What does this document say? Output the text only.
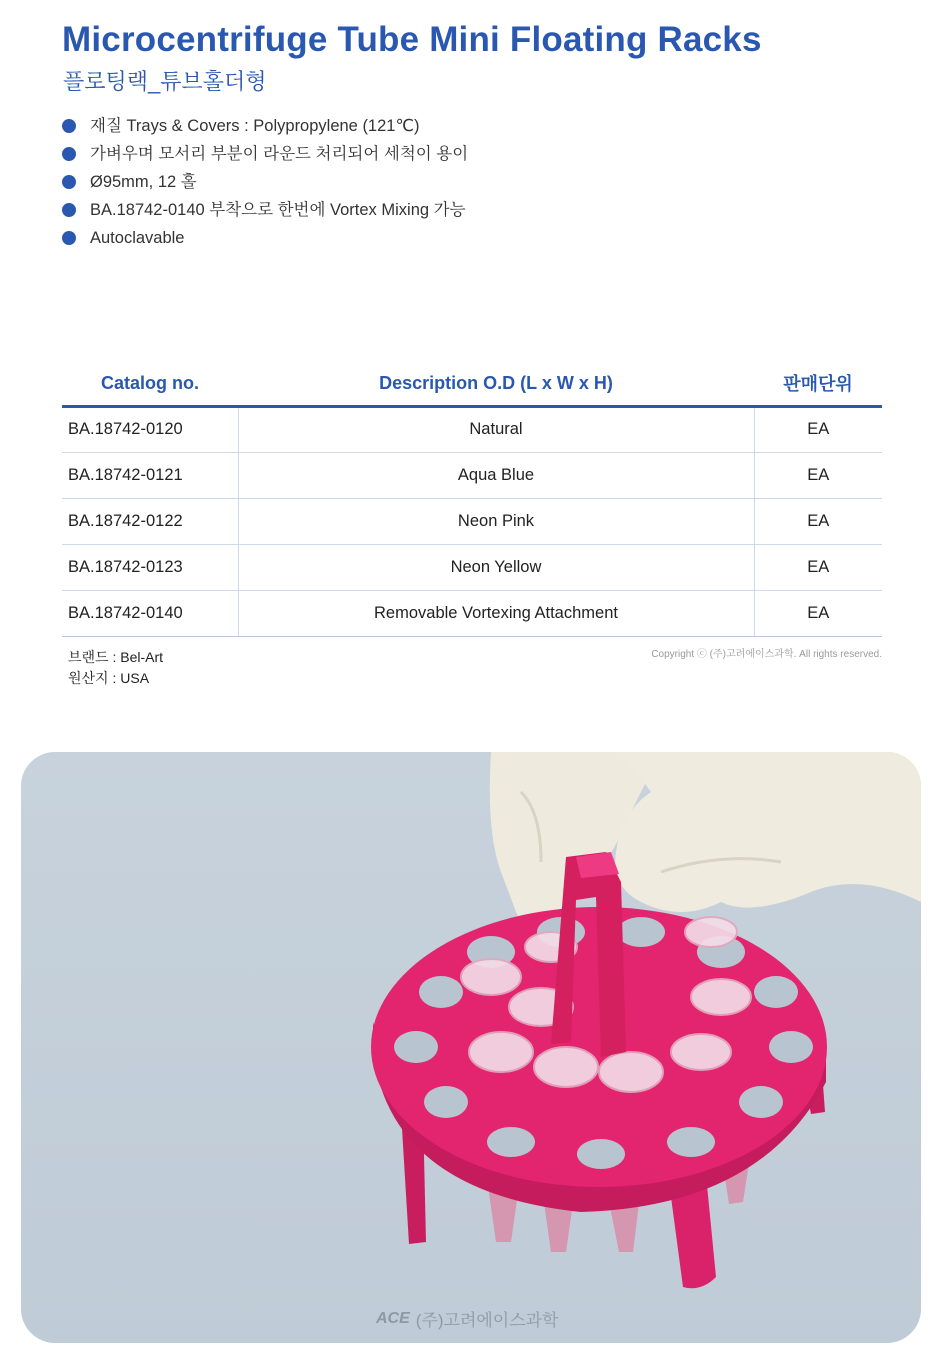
Microcentrifuge Tube Mini Floating Racks
플로팅랙_튜브홀더형
재질 Trays & Covers : Polypropylene (121℃)
가벼우며 모서리 부분이 라운드 처리되어 세척이 용이
Ø95mm, 12 홀
BA.18742-0140 부착으로 한번에 Vortex Mixing 가능
Autoclavable
Catalog no.	Description O.D (L x W x H)	판매단위
BA.18742-0120	Natural	EA
BA.18742-0121	Aqua Blue	EA
BA.18742-0122	Neon Pink	EA
BA.18742-0123	Neon Yellow	EA
BA.18742-0140	Removable Vortexing Attachment	EA
브랜드 : Bel-Art
원산지 : USA
Copyright ⓒ (주)고려에이스과학. All rights reserved.
ACE (주)고려에이스과학
